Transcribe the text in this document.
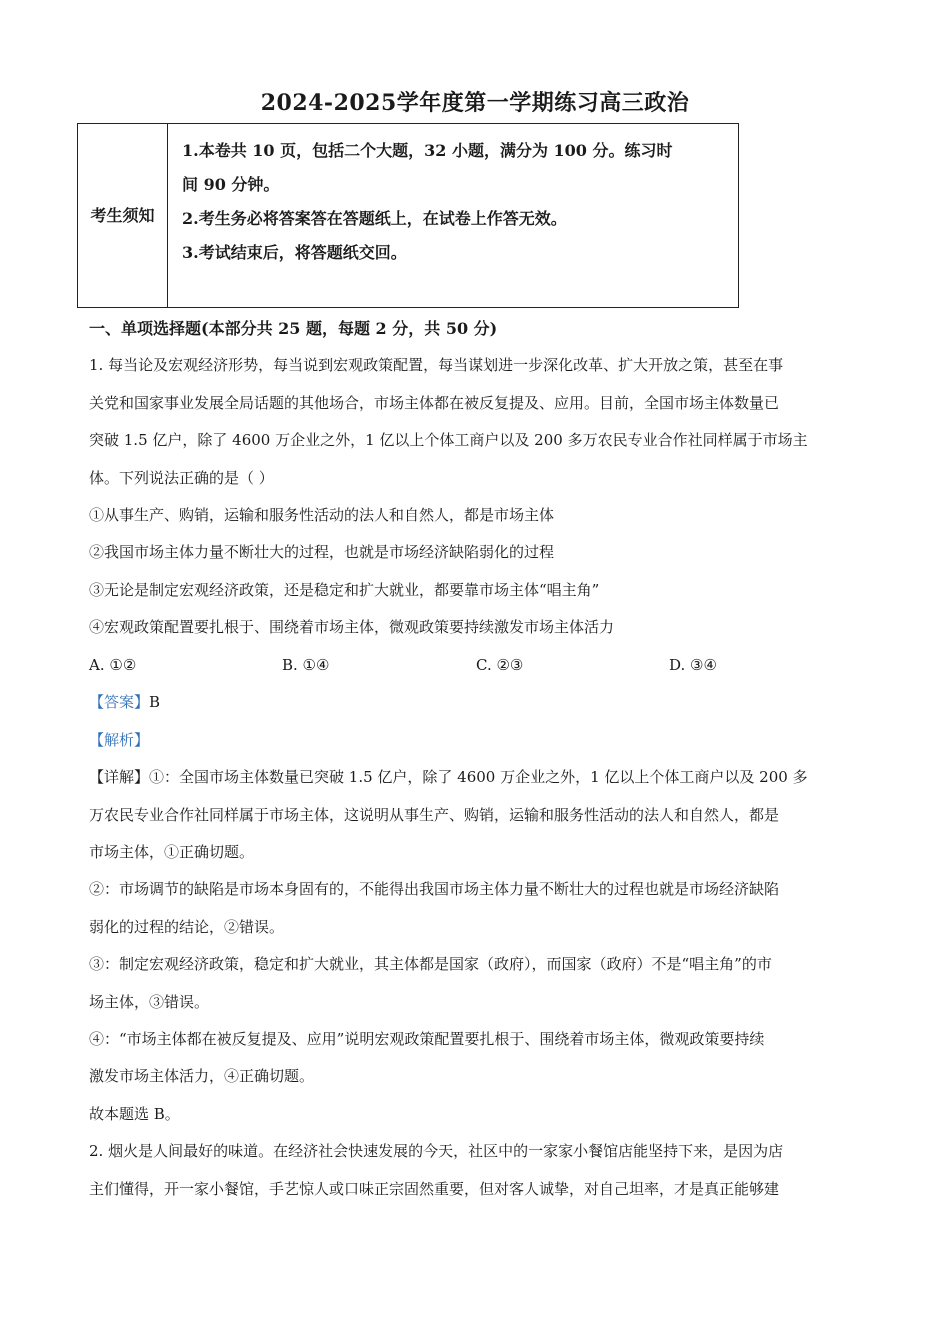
2024-2025学年度第一学期练习高三政治
考生须知

1.本卷共 10 页，包括二个大题，32 小题，满分为 100 分。练习时

间 90 分钟。

2.考生务必将答案答在答题纸上，在试卷上作答无效。

3.考试结束后，将答题纸交回。

一、单项选择题(本部分共 25 题，每题 2 分，共 50 分)
1. 每当论及宏观经济形势，每当说到宏观政策配置，每当谋划进一步深化改革、扩大开放之策，甚至在事
关党和国家事业发展全局话题的其他场合，市场主体都在被反复提及、应用。目前，全国市场主体数量已
突破 1.5 亿户，除了 4600 万企业之外，1 亿以上个体工商户以及 200 多万农民专业合作社同样属于市场主
体。下列说法正确的是（ ）
①从事生产、购销，运输和服务性活动的法人和自然人，都是市场主体
②我国市场主体力量不断壮大的过程，也就是市场经济缺陷弱化的过程
③无论是制定宏观经济政策，还是稳定和扩大就业，都要靠市场主体“唱主角”
④宏观政策配置要扎根于、围绕着市场主体，微观政策要持续激发市场主体活力
A. ①②	B. ①④	C. ②③	D. ③④
【答案】B
【解析】
【详解】①：全国市场主体数量已突破 1.5 亿户，除了 4600 万企业之外，1 亿以上个体工商户以及 200 多
万农民专业合作社同样属于市场主体，这说明从事生产、购销，运输和服务性活动的法人和自然人，都是
市场主体，①正确切题。
②：市场调节的缺陷是市场本身固有的，不能得出我国市场主体力量不断壮大的过程也就是市场经济缺陷
弱化的过程的结论，②错误。
③：制定宏观经济政策，稳定和扩大就业，其主体都是国家（政府），而国家（政府）不是“唱主角”的市
场主体，③错误。
④：“市场主体都在被反复提及、应用”说明宏观政策配置要扎根于、围绕着市场主体，微观政策要持续
激发市场主体活力，④正确切题。
故本题选 B。
2. 烟火是人间最好的味道。在经济社会快速发展的今天，社区中的一家家小餐馆店能坚持下来，是因为店
主们懂得，开一家小餐馆，手艺惊人或口味正宗固然重要，但对客人诚挚，对自己坦率，才是真正能够建
